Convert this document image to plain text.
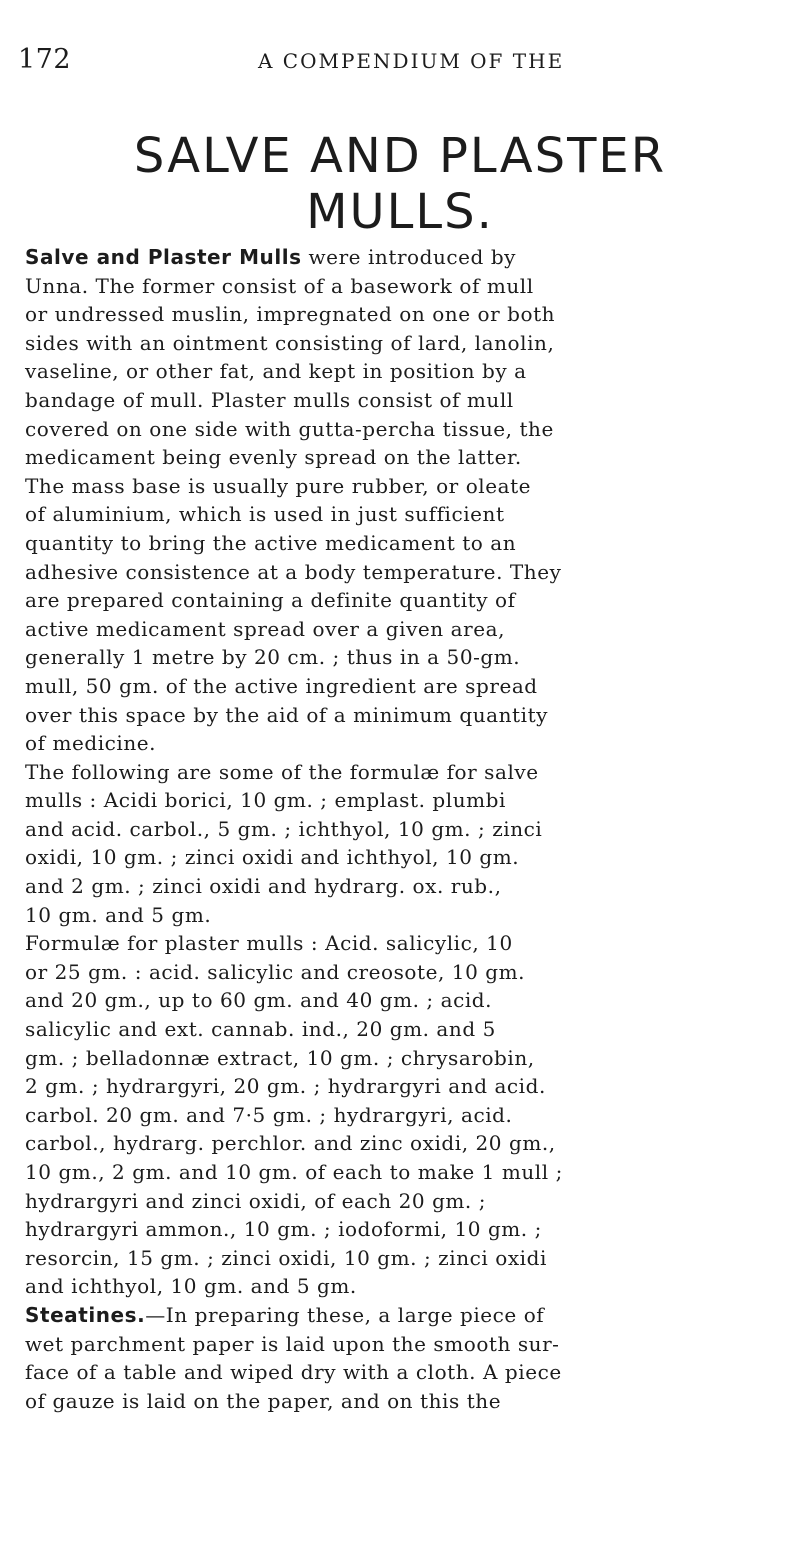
172	A COMPENDIUM OF THE
SALVE AND PLASTER
MULLS.
Salve and Plaster Mulls were introduced by
Unna. The former consist of a basework of mull
or undressed muslin, impregnated on one or both
sides with an ointment consisting of lard, lanolin,
vaseline, or other fat, and kept in position by a
bandage of mull. Plaster mulls consist of mull
covered on one side with gutta-percha tissue, the
medicament being evenly spread on the latter.
The mass base is usually pure rubber, or oleate
of aluminium, which is used in just sufficient
quantity to bring the active medicament to an
adhesive consistence at a body temperature. They
are prepared containing a definite quantity of
active medicament spread over a given area,
generally 1 metre by 20 cm. ; thus in a 50-gm.
mull, 50 gm. of the active ingredient are spread
over this space by the aid of a minimum quantity
of medicine.
The following are some of the formulæ for salve
mulls : Acidi borici, 10 gm. ; emplast. plumbi
and acid. carbol., 5 gm. ; ichthyol, 10 gm. ; zinci
oxidi, 10 gm. ; zinci oxidi and ichthyol, 10 gm.
and 2 gm. ; zinci oxidi and hydrarg. ox. rub.,
10 gm. and 5 gm.
Formulæ for plaster mulls : Acid. salicylic, 10
or 25 gm. : acid. salicylic and creosote, 10 gm.
and 20 gm., up to 60 gm. and 40 gm. ; acid.
salicylic and ext. cannab. ind., 20 gm. and 5
gm. ; belladonnæ extract, 10 gm. ; chrysarobin,
2 gm. ; hydrargyri, 20 gm. ; hydrargyri and acid.
carbol. 20 gm. and 7·5 gm. ; hydrargyri, acid.
carbol., hydrarg. perchlor. and zinc oxidi, 20 gm.,
10 gm., 2 gm. and 10 gm. of each to make 1 mull ;
hydrargyri and zinci oxidi, of each 20 gm. ;
hydrargyri ammon., 10 gm. ; iodoformi, 10 gm. ;
resorcin, 15 gm. ; zinci oxidi, 10 gm. ; zinci oxidi
and ichthyol, 10 gm. and 5 gm.
Steatines.—In preparing these, a large piece of
wet parchment paper is laid upon the smooth sur-
face of a table and wiped dry with a cloth. A piece
of gauze is laid on the paper, and on this the
